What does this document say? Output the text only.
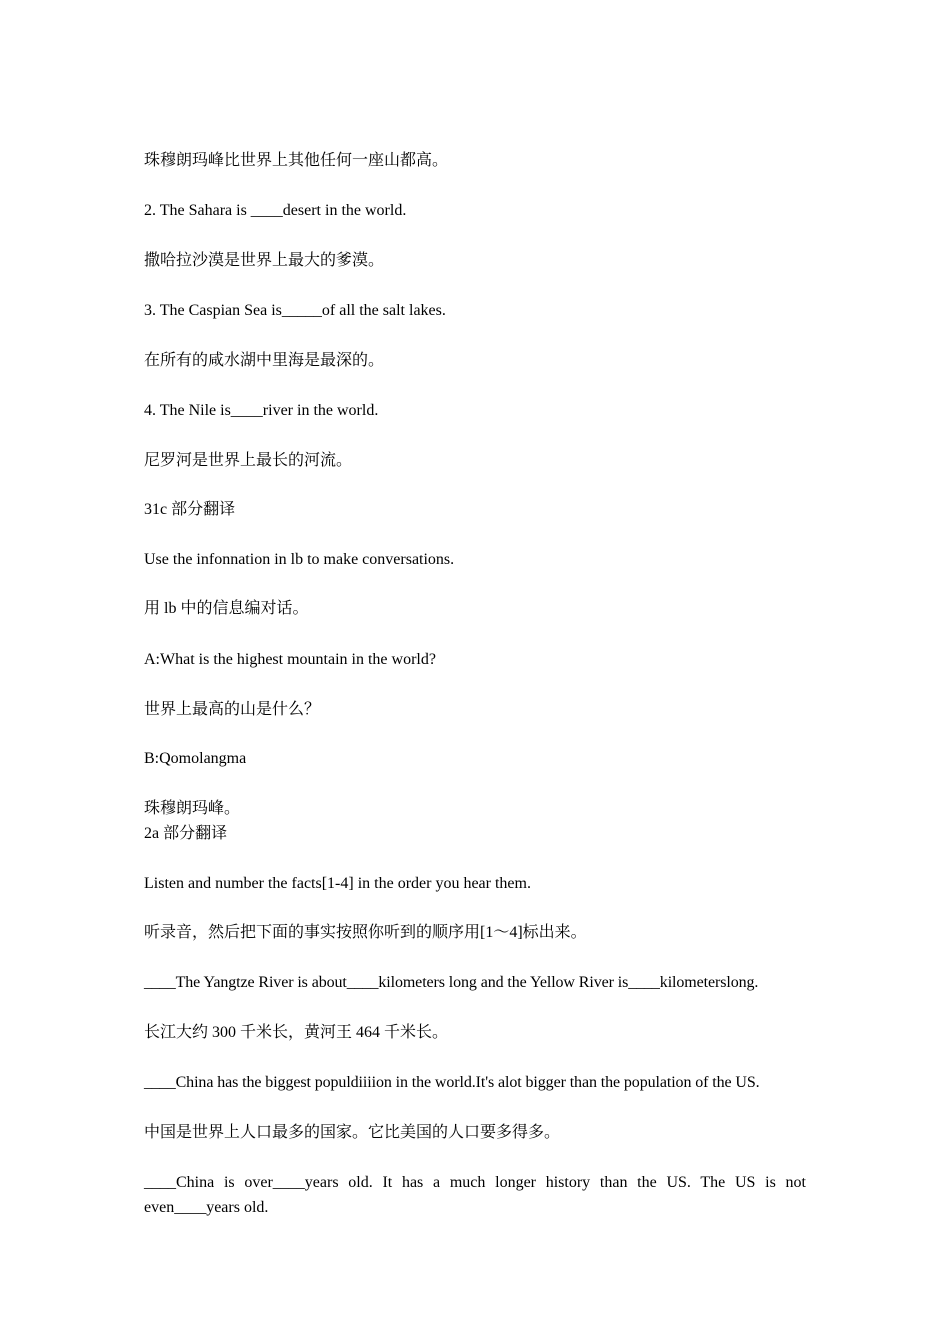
珠穆朗玛峰比世界上其他任何一座山都高。
2. The Sahara is ____desert in the world.
撒哈拉沙漠是世界上最大的爹漠。
3. The Caspian Sea is_____of all the salt lakes.
在所有的咸水湖中里海是最深的。
4. The Nile is____river in the world.
尼罗河是世界上最长的河流。
31c 部分翻译
Use the infonnation in lb to make conversations.
用 lb 中的信息编对话。
A:What is the highest mountain in the world?
世界上最高的山是什么？
B:Qomolangma
珠穆朗玛峰。
2a 部分翻译
Listen and number the facts[1-4] in the order you hear them.
听录音，然后把下面的事实按照你听到的顺序用[1～4]标出来。
____The Yangtze River is about____kilometers long and the Yellow River is____kilometerslong.
长江大约 300 千米长，黄河王 464 千米长。
____China has the biggest populdiiiion in the world.It's alot bigger than the population of the US.
中国是世界上人口最多的国家。它比美国的人口要多得多。
____China is over____years old. It has a much longer history than the US. The US is not even____years old.
